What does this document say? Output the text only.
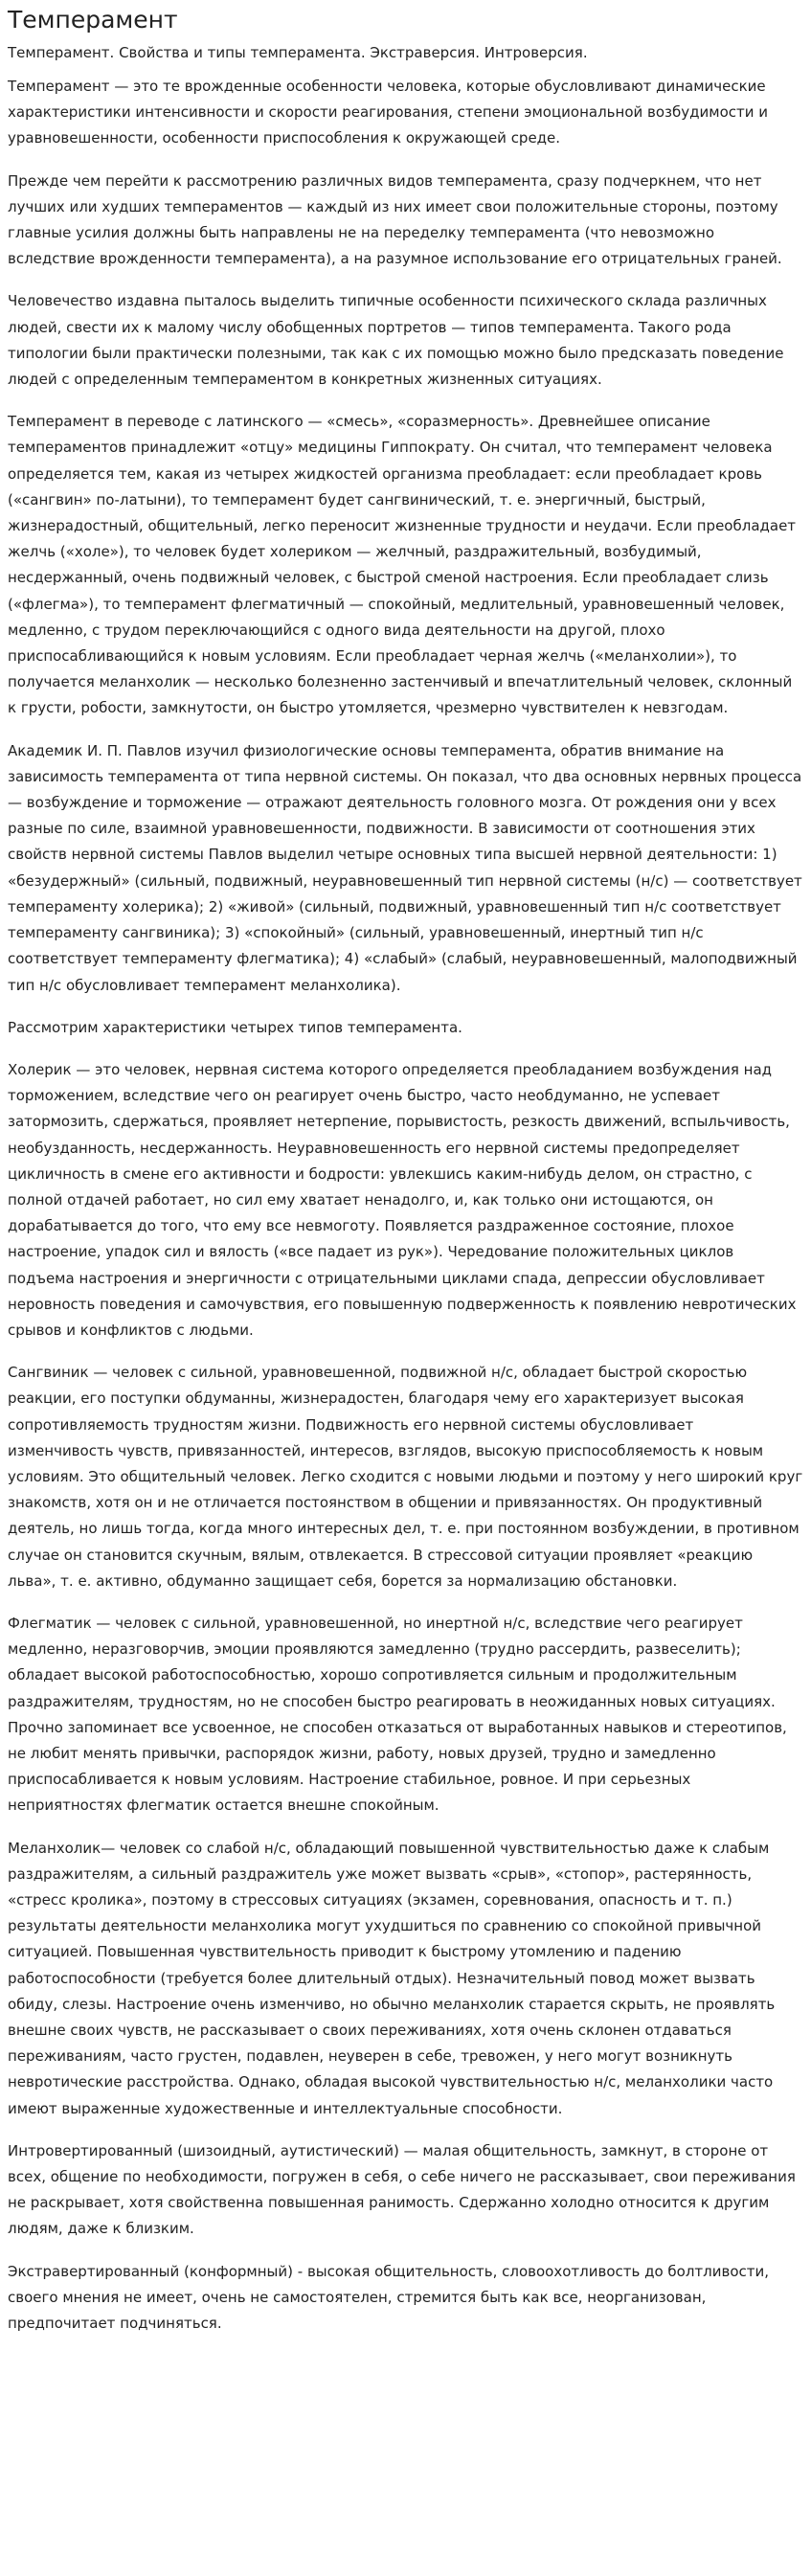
Темперамент

Темперамент. Свойства и типы темперамента. Экстраверсия. Интроверсия.

Темперамент — это те врожденные особенности человека, которые обусловливают динамические характеристики интенсивности и скорости реагирования, степени эмоциональной возбудимости и уравновешенности, особенности приспособления к окружающей среде.

Прежде чем перейти к рассмотрению различных видов темперамента, сразу подчеркнем, что нет лучших или худших темпераментов — каждый из них имеет свои положительные стороны, поэтому главные усилия должны быть направлены не на переделку темперамента (что невозможно вследствие врожденности темперамента), а на разумное использование его отрицательных граней.

Человечество издавна пыталось выделить типичные особенности психического склада различных людей, свести их к малому числу обобщенных портретов — типов темперамента. Такого рода типологии были практически полезными, так как с их помощью можно было предсказать поведение людей с определенным темпераментом в конкретных жизненных ситуациях.

Темперамент в переводе с латинского — «смесь», «соразмерность». Древнейшее описание темпераментов принадлежит «отцу» медицины Гиппократу. Он считал, что темперамент человека определяется тем, какая из четырех жидкостей организма преобладает: если преобладает кровь («сангвин» по-латыни), то темперамент будет сангвинический, т. е. энергичный, быстрый, жизнерадостный, общительный, легко переносит жизненные трудности и неудачи. Если преобладает желчь («холе»), то человек будет холериком — желчный, раздражительный, возбудимый, несдержанный, очень подвижный человек, с быстрой сменой настроения. Если преобладает слизь («флегма»), то темперамент флегматичный — спокойный, медлительный, уравновешенный человек, медленно, с трудом переключающийся с одного вида деятельности на другой, плохо приспосабливающийся к новым условиям. Если преобладает черная желчь («меланхолии»), то получается меланхолик — несколько болезненно застенчивый и впечатлительный человек, склонный к грусти, робости, замкнутости, он быстро утомляется, чрезмерно чувствителен к невзгодам.

Академик И. П. Павлов изучил физиологические основы темперамента, обратив внимание на зависимость темперамента от типа нервной системы. Он показал, что два основных нервных процесса — возбуждение и торможение — отражают деятельность головного мозга. От рождения они у всех разные по силе, взаимной уравновешенности, подвижности. В зависимости от соотношения этих свойств нервной системы Павлов выделил четыре основных типа высшей нервной деятельности: 1) «безудержный» (сильный, подвижный, неуравновешенный тип нервной системы (н/с) — соответствует темпераменту холерика); 2) «живой» (сильный, подвижный, уравновешенный тип н/с соответствует темпераменту сангвиника); 3) «спокойный» (сильный, уравновешенный, инертный тип н/с соответствует темпераменту флегматика); 4) «слабый» (слабый, неуравновешенный, малоподвижный тип н/с обусловливает темперамент меланхолика).

Рассмотрим характеристики четырех типов темперамента.

Холерик — это человек, нервная система которого определяется преобладанием возбуждения над торможением, вследствие чего он реагирует очень быстро, часто необдуманно, не успевает затормозить, сдержаться, проявляет нетерпение, порывистость, резкость движений, вспыльчивость, необузданность, несдержанность. Неуравновешенность его нервной системы предопределяет цикличность в смене его активности и бодрости: увлекшись каким-нибудь делом, он страстно, с полной отдачей работает, но сил ему хватает ненадолго, и, как только они истощаются, он дорабатывается до того, что ему все невмоготу. Появляется раздраженное состояние, плохое настроение, упадок сил и вялость («все падает из рук»). Чередование положительных циклов подъема настроения и энергичности с отрицательными циклами спада, депрессии обусловливает неровность поведения и самочувствия, его повышенную подверженность к появлению невротических срывов и конфликтов с людьми.

Сангвиник — человек с сильной, уравновешенной, подвижной н/с, обладает быстрой скоростью реакции, его поступки обдуманны, жизнерадостен, благодаря чему его характеризует высокая сопротивляемость трудностям жизни. Подвижность его нервной системы обусловливает изменчивость чувств, привязанностей, интересов, взглядов, высокую приспособляемость к новым условиям. Это общительный человек. Легко сходится с новыми людьми и поэтому у него широкий круг знакомств, хотя он и не отличается постоянством в общении и привязанностях. Он продуктивный деятель, но лишь тогда, когда много интересных дел, т. е. при постоянном возбуждении, в противном случае он становится скучным, вялым, отвлекается. В стрессовой ситуации проявляет «реакцию льва», т. е. активно, обдуманно защищает себя, борется за нормализацию обстановки.

Флегматик — человек с сильной, уравновешенной, но инертной н/с, вследствие чего реагирует медленно, неразговорчив, эмоции проявляются замедленно (трудно рассердить, развеселить); обладает высокой работоспособностью, хорошо сопротивляется сильным и продолжительным раздражителям, трудностям, но не способен быстро реагировать в неожиданных новых ситуациях. Прочно запоминает все усвоенное, не способен отказаться от выработанных навыков и стереотипов, не любит менять привычки, распорядок жизни, работу, новых друзей, трудно и замедленно приспосабливается к новым условиям. Настроение стабильное, ровное. И при серьезных неприятностях флегматик остается внешне спокойным.

Меланхолик— человек со слабой н/с, обладающий повышенной чувствительностью даже к слабым раздражителям, а сильный раздражитель уже может вызвать «срыв», «стопор», растерянность, «стресс кролика», поэтому в стрессовых ситуациях (экзамен, соревнования, опасность и т. п.) результаты деятельности меланхолика могут ухудшиться по сравнению со спокойной привычной ситуацией. Повышенная чувствительность приводит к быстрому утомлению и падению работоспособности (требуется более длительный отдых). Незначительный повод может вызвать обиду, слезы. Настроение очень изменчиво, но обычно меланхолик старается скрыть, не проявлять внешне своих чувств, не рассказывает о своих переживаниях, хотя очень склонен отдаваться переживаниям, часто грустен, подавлен, неуверен в себе, тревожен, у него могут возникнуть невротические расстройства. Однако, обладая высокой чувствительностью н/с, меланхолики часто имеют выраженные художественные и интеллектуальные способности.

Интровертированный (шизоидный, аутистический) — малая общительность, замкнут, в стороне от всех, общение по необходимости, погружен в себя, о себе ничего не рассказывает, свои переживания не раскрывает, хотя свойственна повышенная ранимость. Сдержанно холодно относится к другим людям, даже к близким.

Экстравертированный (конформный) - высокая общительность, словоохотливость до болтливости, своего мнения не имеет, очень не самостоятелен, стремится быть как все, неорганизован, предпочитает подчиняться.
